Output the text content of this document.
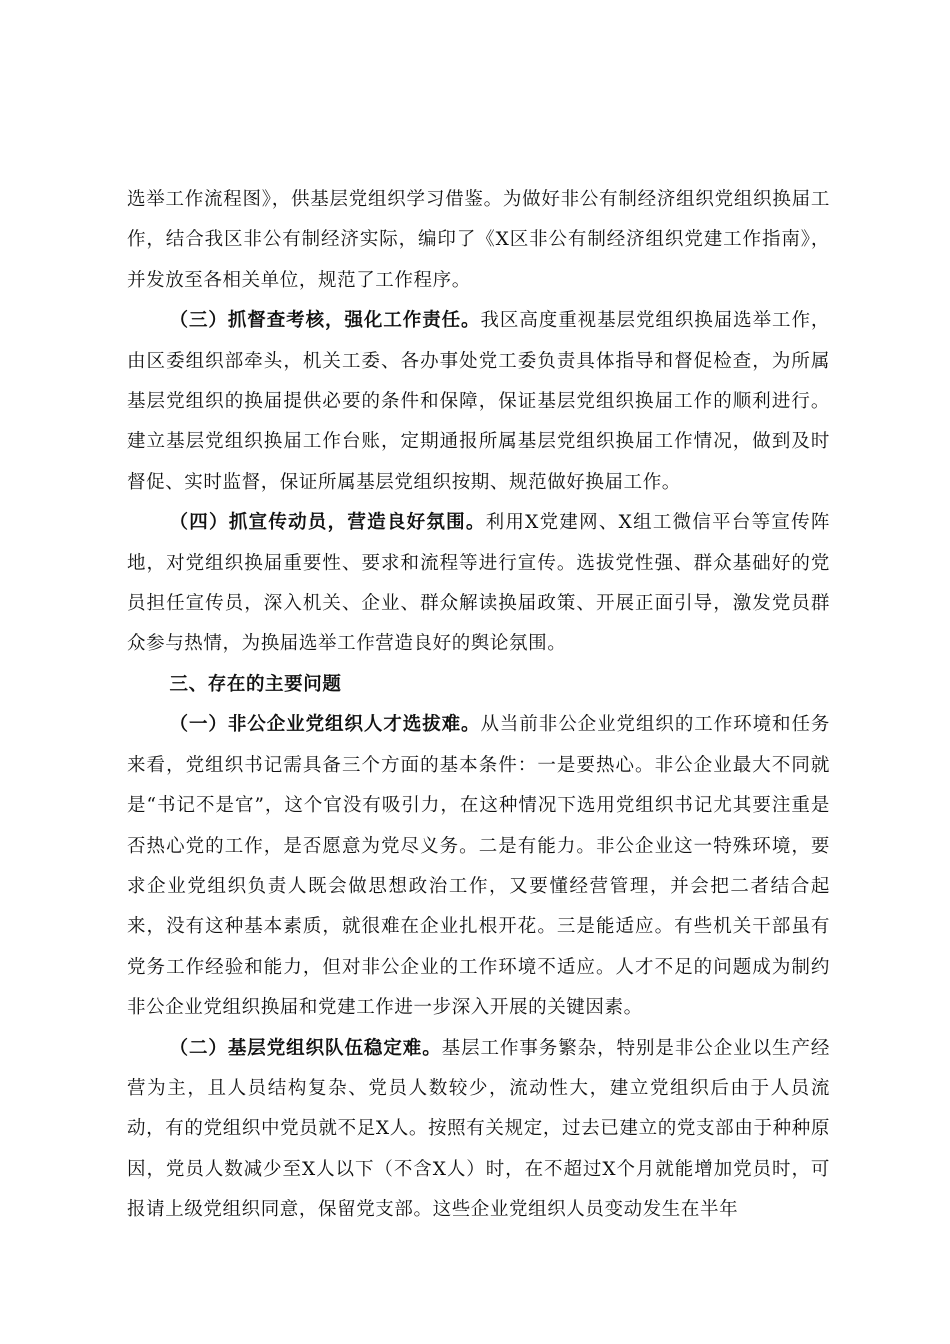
选举工作流程图》，供基层党组织学习借鉴。为做好非公有制经济组织党组织换届工作，结合我区非公有制经济实际，编印了《X区非公有制经济组织党建工作指南》，并发放至各相关单位，规范了工作程序。

（三）抓督查考核，强化工作责任。我区高度重视基层党组织换届选举工作，由区委组织部牵头，机关工委、各办事处党工委负责具体指导和督促检查，为所属基层党组织的换届提供必要的条件和保障，保证基层党组织换届工作的顺利进行。建立基层党组织换届工作台账，定期通报所属基层党组织换届工作情况，做到及时督促、实时监督，保证所属基层党组织按期、规范做好换届工作。

（四）抓宣传动员，营造良好氛围。利用X党建网、X组工微信平台等宣传阵地，对党组织换届重要性、要求和流程等进行宣传。选拔党性强、群众基础好的党员担任宣传员，深入机关、企业、群众解读换届政策、开展正面引导，激发党员群众参与热情，为换届选举工作营造良好的舆论氛围。

三、存在的主要问题

（一）非公企业党组织人才选拔难。从当前非公企业党组织的工作环境和任务来看，党组织书记需具备三个方面的基本条件：一是要热心。非公企业最大不同就是“书记不是官”，这个官没有吸引力，在这种情况下选用党组织书记尤其要注重是否热心党的工作，是否愿意为党尽义务。二是有能力。非公企业这一特殊环境，要求企业党组织负责人既会做思想政治工作，又要懂经营管理，并会把二者结合起来，没有这种基本素质，就很难在企业扎根开花。三是能适应。有些机关干部虽有党务工作经验和能力，但对非公企业的工作环境不适应。人才不足的问题成为制约非公企业党组织换届和党建工作进一步深入开展的关键因素。

（二）基层党组织队伍稳定难。基层工作事务繁杂，特别是非公企业以生产经营为主，且人员结构复杂、党员人数较少，流动性大，建立党组织后由于人员流动，有的党组织中党员就不足X人。按照有关规定，过去已建立的党支部由于种种原因，党员人数减少至X人以下（不含X人）时，在不超过X个月就能增加党员时，可报请上级党组织同意，保留党支部。这些企业党组织人员变动发生在半年
